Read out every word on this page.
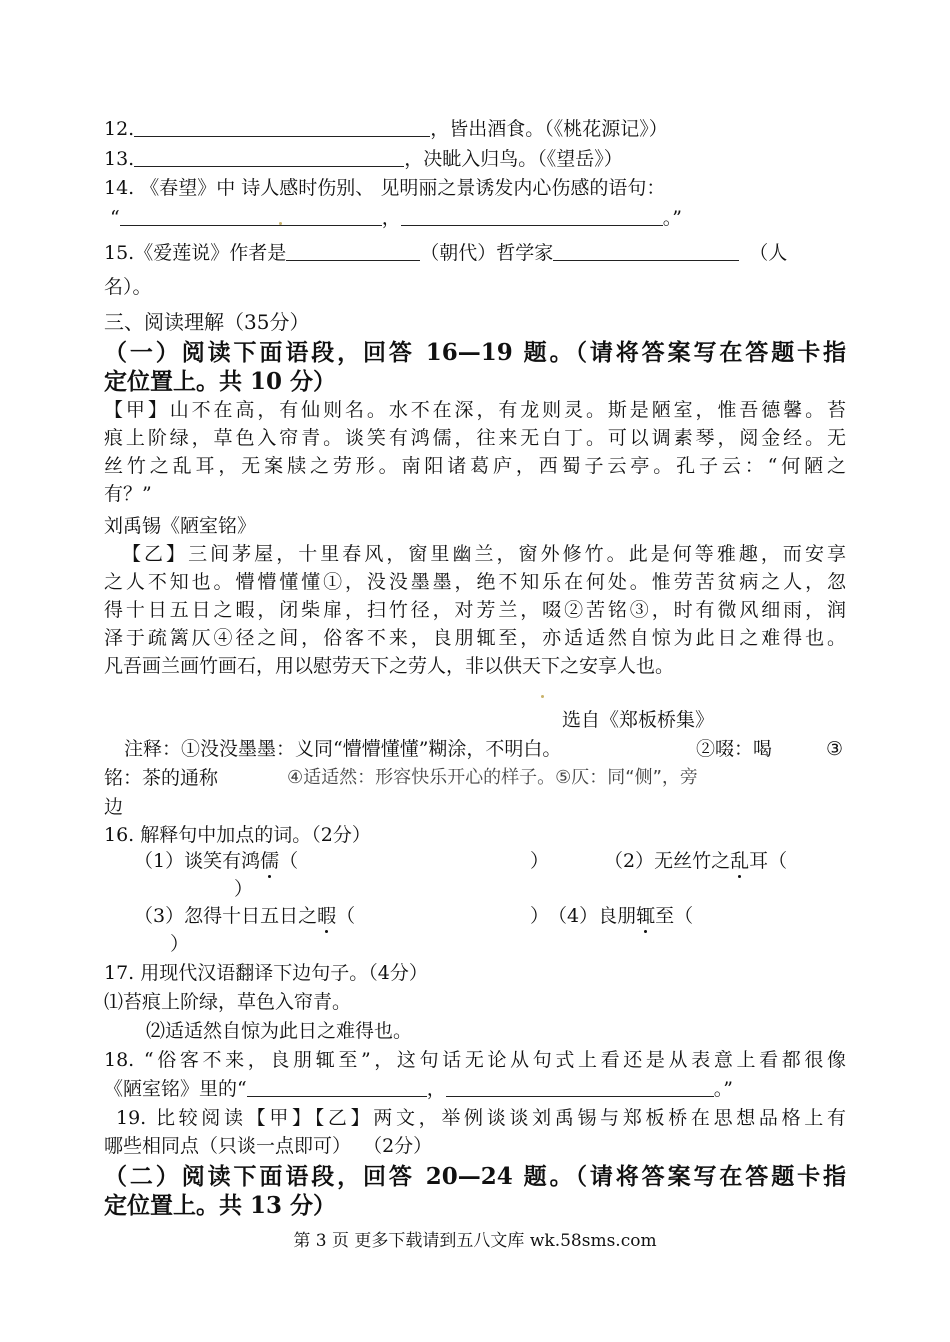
12.	，皆出酒食。（《桃花源记》）
13.	，决眦入归鸟。（《望岳》）
14. 《春望》中 诗人感时伤别、 见明丽之景诱发内心伤感的语句：
“	，	。”
15.《爱莲说》作者是	（朝代）哲学家	（人
名）。
三、阅读理解（35分）
（一）阅读下面语段，回答 16—19 题。（请将答案写在答题卡指
定位置上。共 10 分）
【甲】山不在高，有仙则名。水不在深，有龙则灵。斯是陋室，惟吾德馨。苔
痕上阶绿，草色入帘青。谈笑有鸿儒，往来无白丁。可以调素琴，阅金经。无
丝竹之乱耳，无案牍之劳形。南阳诸葛庐，西蜀子云亭。孔子云：“何陋之
有？”
刘禹锡《陋室铭》
【乙】三间茅屋，十里春风，窗里幽兰，窗外修竹。此是何等雅趣，而安享
之人不知也。懵懵懂懂①，没没墨墨，绝不知乐在何处。惟劳苦贫病之人，忽
得十日五日之暇，闭柴扉，扫竹径，对芳兰，啜②苦铭③，时有微风细雨，润
泽于疏篱仄④径之间，俗客不来，良朋辄至，亦适适然自惊为此日之难得也。
凡吾画兰画竹画石，用以慰劳天下之劳人，非以供天下之安享人也。
选自《郑板桥集》
注释：①没没墨墨：义同“懵懵懂懂”糊涂，不明白。	②啜：喝	③
铭：茶的通称	④适适然：形容快乐开心的样子。⑤仄：同“侧”，旁
边
16. 解释句中加点的词。（2分）
（1）谈笑有鸿儒（	）	（2）无丝竹之乱耳（
）
（3）忽得十日五日之暇（	）
（4）良朋辄至（
）
17. 用现代汉语翻译下边句子。（4分）
⑴苔痕上阶绿，草色入帘青。
⑵适适然自惊为此日之难得也。
18. “俗客不来，良朋辄至”，这句话无论从句式上看还是从表意上看都很像
《陋室铭》里的“	，	。”
19. 比较阅读【甲】【乙】两文，举例谈谈刘禹锡与郑板桥在思想品格上有
哪些相同点（只谈一点即可）  （2分）
（二）阅读下面语段，回答 20—24 题。（请将答案写在答题卡指
定位置上。共 13 分）
第 3 页 更多下载请到五八文库 wk.58sms.com
